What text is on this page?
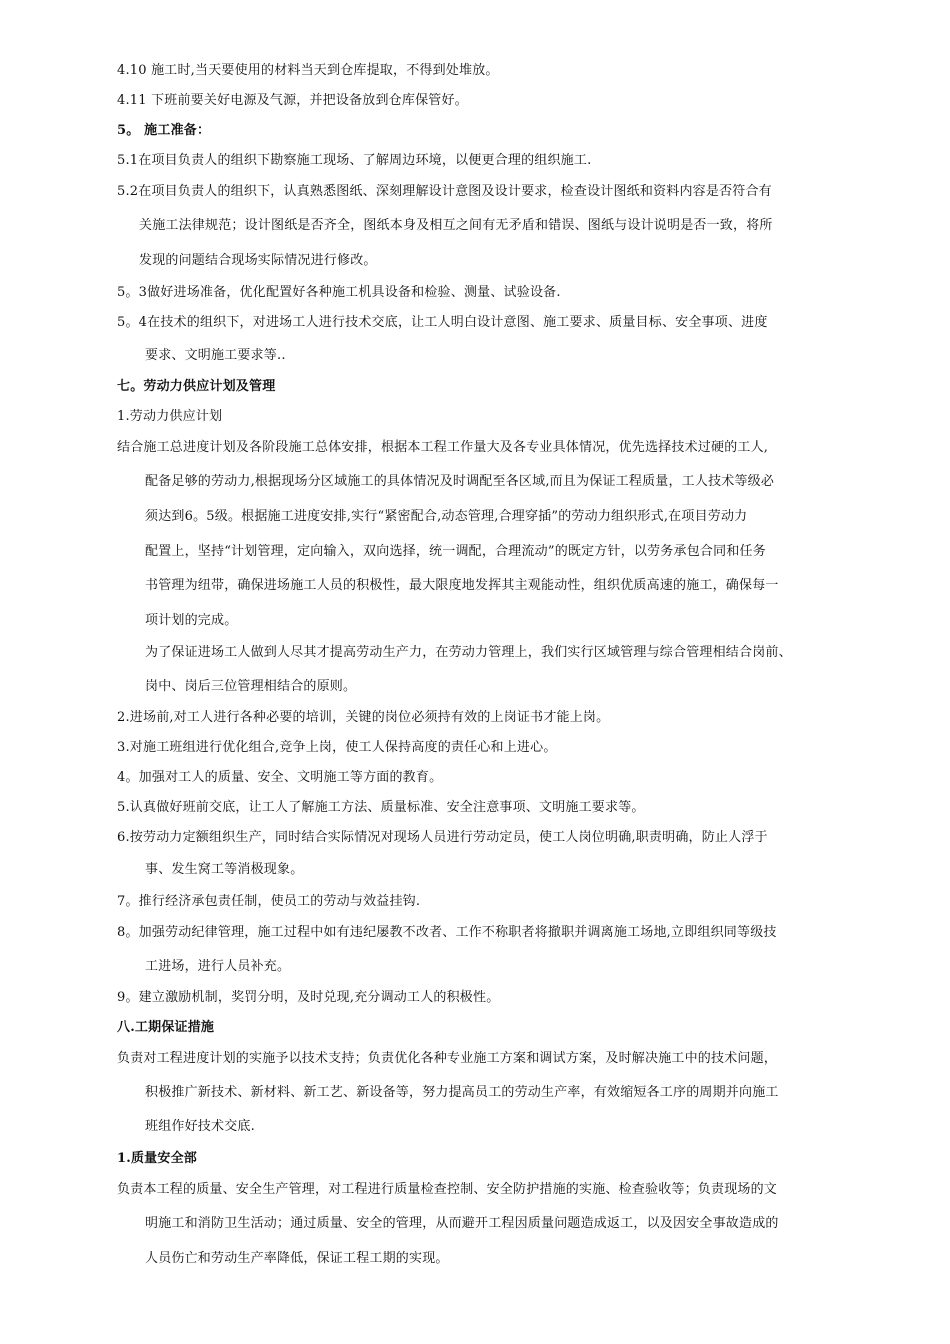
4.10 施工时,当天要使用的材料当天到仓库提取，不得到处堆放。
4.11 下班前要关好电源及气源，并把设备放到仓库保管好。
5。 施工准备：
5.1在项目负责人的组织下勘察施工现场、了解周边环境，以便更合理的组织施工.
5.2在项目负责人的组织下，认真熟悉图纸、深刻理解设计意图及设计要求，检查设计图纸和资料内容是否符合有
关施工法律规范；设计图纸是否齐全，图纸本身及相互之间有无矛盾和错误、图纸与设计说明是否一致，将所
发现的问题结合现场实际情况进行修改。
5。3做好进场准备，优化配置好各种施工机具设备和检验、测量、试验设备.
5。4在技术的组织下，对进场工人进行技术交底，让工人明白设计意图、施工要求、质量目标、安全事项、进度
要求、文明施工要求等..
七。劳动力供应计划及管理
1.劳动力供应计划
结合施工总进度计划及各阶段施工总体安排，根据本工程工作量大及各专业具体情况，优先选择技术过硬的工人,
配备足够的劳动力,根据现场分区域施工的具体情况及时调配至各区域,而且为保证工程质量，工人技术等级必
须达到6。5级。根据施工进度安排,实行“紧密配合,动态管理,合理穿插”的劳动力组织形式,在项目劳动力
配置上，坚持“计划管理，定向输入，双向选择，统一调配，合理流动”的既定方针，以劳务承包合同和任务
书管理为纽带，确保进场施工人员的积极性，最大限度地发挥其主观能动性，组织优质高速的施工，确保每一
项计划的完成。
为了保证进场工人做到人尽其才提高劳动生产力，在劳动力管理上，我们实行区域管理与综合管理相结合岗前、
岗中、岗后三位管理相结合的原则。
2.进场前,对工人进行各种必要的培训，关键的岗位必须持有效的上岗证书才能上岗。
3.对施工班组进行优化组合,竞争上岗，使工人保持高度的责任心和上进心。
4。加强对工人的质量、安全、文明施工等方面的教育。
5.认真做好班前交底，让工人了解施工方法、质量标准、安全注意事项、文明施工要求等。
6.按劳动力定额组织生产，同时结合实际情况对现场人员进行劳动定员，使工人岗位明确,职责明确，防止人浮于
事、发生窝工等消极现象。
7。推行经济承包责任制，使员工的劳动与效益挂钩.
8。加强劳动纪律管理，施工过程中如有违纪屡教不改者、工作不称职者将撤职并调离施工场地,立即组织同等级技
工进场，进行人员补充。
9。建立激励机制，奖罚分明，及时兑现,充分调动工人的积极性。
八.工期保证措施
负责对工程进度计划的实施予以技术支持；负责优化各种专业施工方案和调试方案，及时解决施工中的技术问题，
积极推广新技术、新材料、新工艺、新设备等，努力提高员工的劳动生产率，有效缩短各工序的周期并向施工
班组作好技术交底.
1.质量安全部
负责本工程的质量、安全生产管理，对工程进行质量检查控制、安全防护措施的实施、检查验收等；负责现场的文
明施工和消防卫生活动；通过质量、安全的管理，从而避开工程因质量问题造成返工，以及因安全事故造成的
人员伤亡和劳动生产率降低，保证工程工期的实现。
